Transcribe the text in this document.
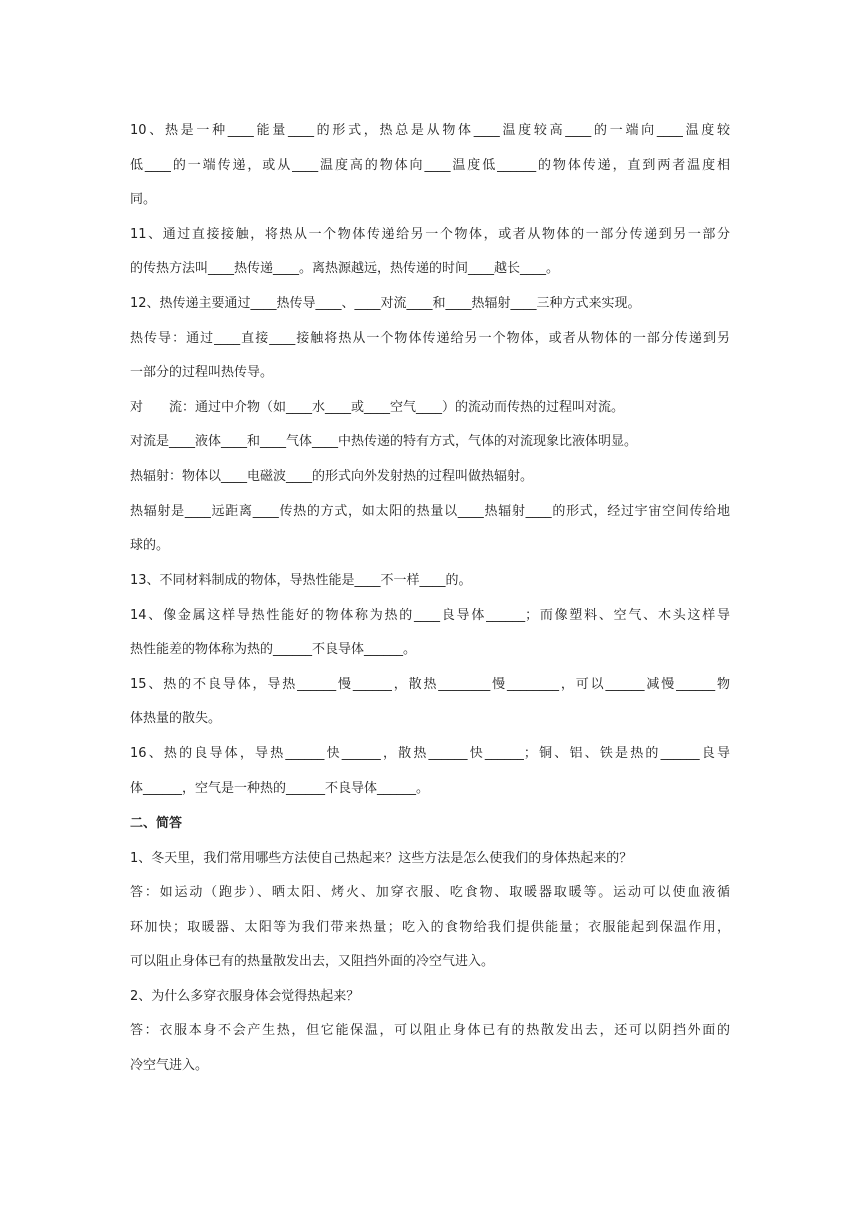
10、热是一种____能量____的形式，热总是从物体____温度较高____的一端向____温度较
低____的一端传递，或从____温度高的物体向____温度低______的物体传递，直到两者温度相
同。
11、通过直接接触，将热从一个物体传递给另一个物体，或者从物体的一部分传递到另一部分
的传热方法叫____热传递____。离热源越远，热传递的时间____越长____。
12、热传递主要通过____热传导____、____对流____和____热辐射____三种方式来实现。
热传导：通过____直接____接触将热从一个物体传递给另一个物体，或者从物体的一部分传递到另
一部分的过程叫热传导。
对　　流：通过中介物（如____水____或____空气____）的流动而传热的过程叫对流。
对流是____液体____和____气体____中热传递的特有方式，气体的对流现象比液体明显。
热辐射：物体以____电磁波____的形式向外发射热的过程叫做热辐射。
热辐射是____远距离____传热的方式，如太阳的热量以____热辐射____的形式，经过宇宙空间传给地
球的。
13、不同材料制成的物体，导热性能是____不一样____的。
14、像金属这样导热性能好的物体称为热的____良导体______；而像塑料、空气、木头这样导
热性能差的物体称为热的______不良导体______。
15、热的不良导体，导热______慢______，散热________慢________，可以______减慢______物
体热量的散失。
16、热的良导体，导热______快______，散热______快______；铜、铝、铁是热的______良导
体______，空气是一种热的______不良导体______。
二、简答
1、冬天里，我们常用哪些方法使自己热起来？这些方法是怎么使我们的身体热起来的？
答：如运动（跑步）、晒太阳、烤火、加穿衣服、吃食物、取暖器取暖等。运动可以使血液循
环加快；取暖器、太阳等为我们带来热量；吃入的食物给我们提供能量；衣服能起到保温作用，
可以阻止身体已有的热量散发出去，又阻挡外面的冷空气进入。
2、为什么多穿衣服身体会觉得热起来？
答：衣服本身不会产生热，但它能保温，可以阻止身体已有的热散发出去，还可以阴挡外面的
冷空气进入。
